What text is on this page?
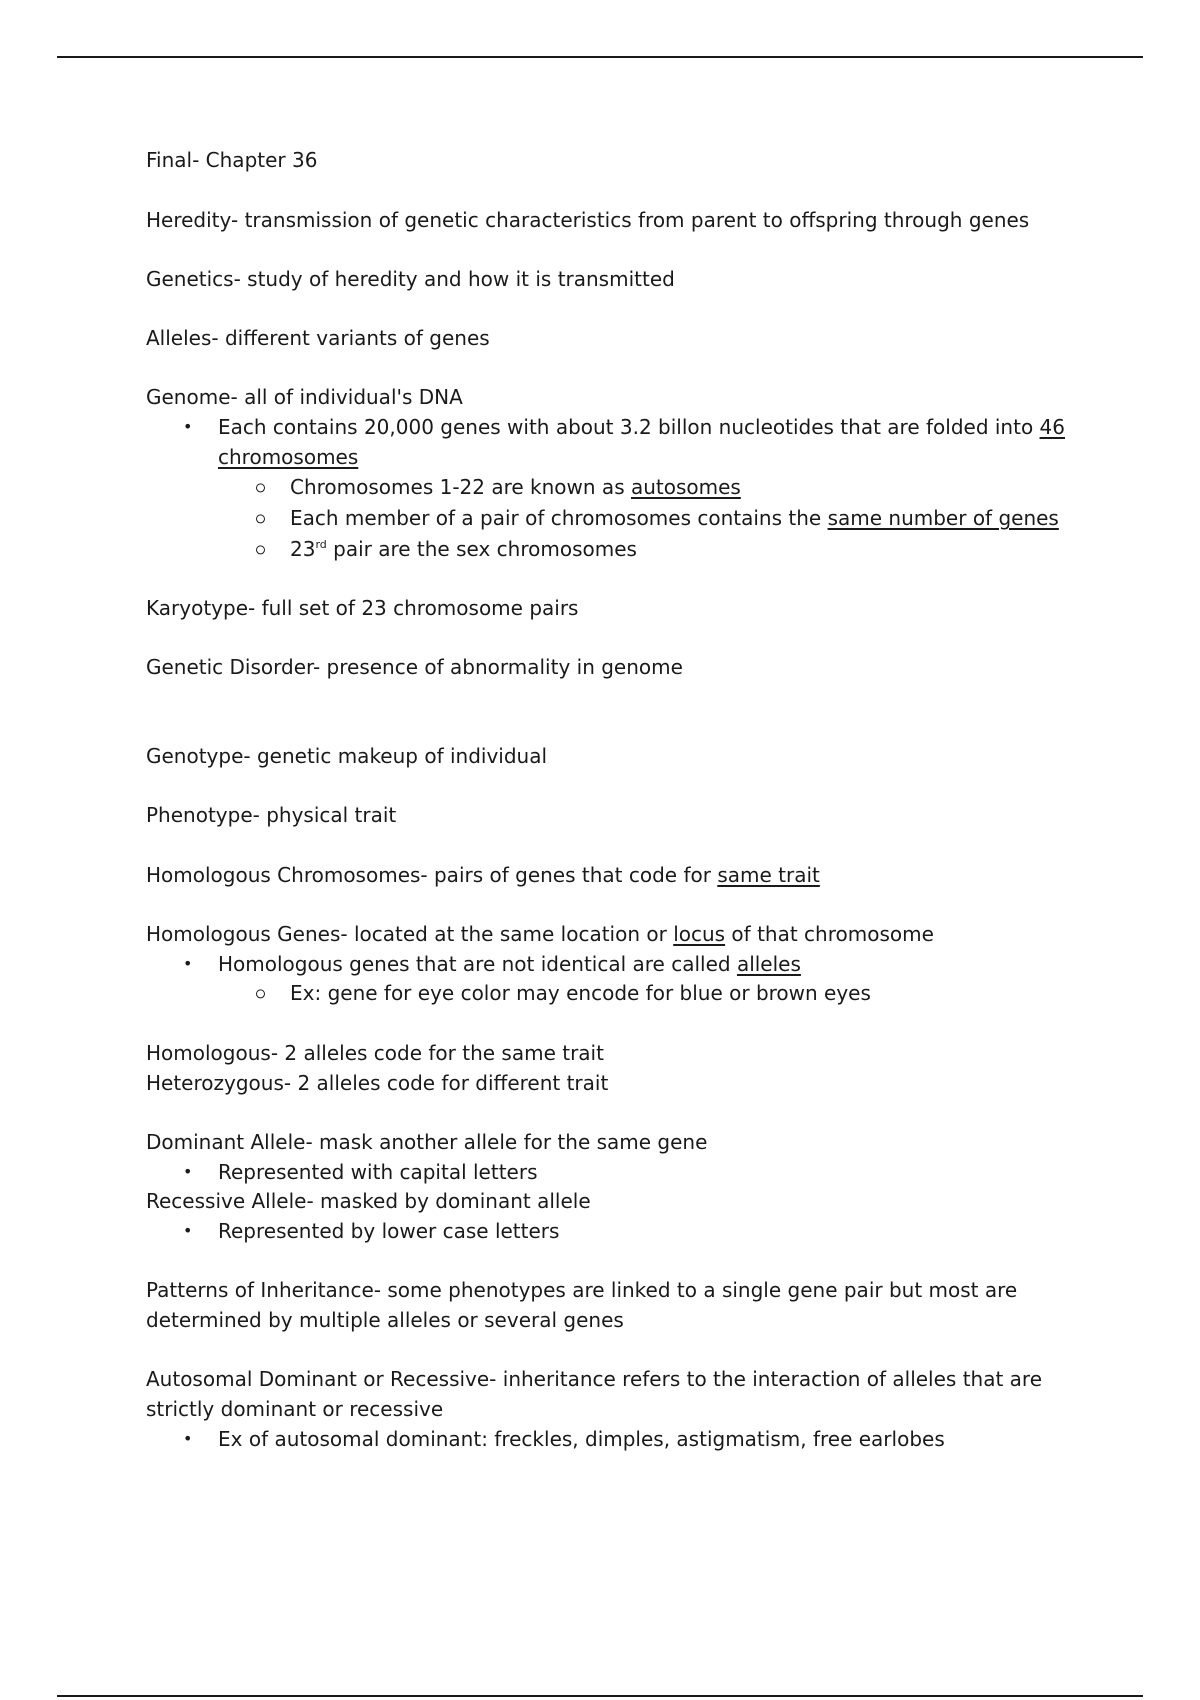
Final- Chapter 36
Heredity- transmission of genetic characteristics from parent to offspring through genes
Genetics- study of heredity and how it is transmitted
Alleles- different variants of genes
Genome- all of individual's DNA
• Each contains 20,000 genes with about 3.2 billon nucleotides that are folded into 46
chromosomes
Chromosomes 1-22 are known as autosomes
Each member of a pair of chromosomes contains the same number of genes
23rd pair are the sex chromosomes
Karyotype- full set of 23 chromosome pairs
Genetic Disorder- presence of abnormality in genome
Genotype- genetic makeup of individual
Phenotype- physical trait
Homologous Chromosomes- pairs of genes that code for same trait
Homologous Genes- located at the same location or locus of that chromosome
• Homologous genes that are not identical are called alleles
Ex: gene for eye color may encode for blue or brown eyes
Homologous- 2 alleles code for the same trait
Heterozygous- 2 alleles code for different trait
Dominant Allele- mask another allele for the same gene
• Represented with capital letters
Recessive Allele- masked by dominant allele
• Represented by lower case letters
Patterns of Inheritance- some phenotypes are linked to a single gene pair but most are
determined by multiple alleles or several genes
Autosomal Dominant or Recessive- inheritance refers to the interaction of alleles that are
strictly dominant or recessive
• Ex of autosomal dominant: freckles, dimples, astigmatism, free earlobes
